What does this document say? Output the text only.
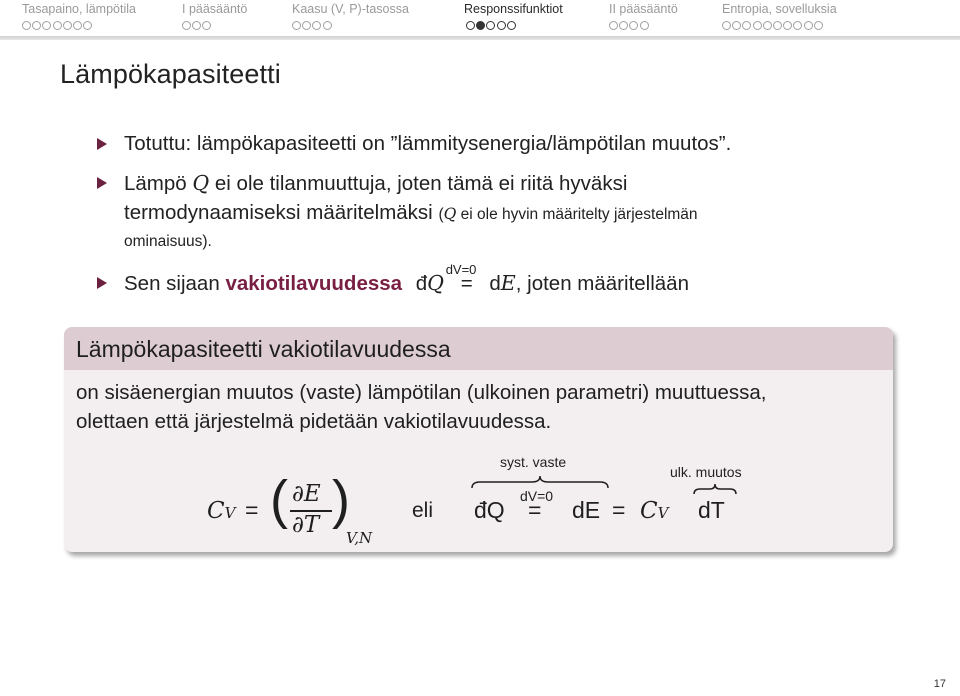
Tasapaino, lämpötila	I pääsääntö	Kaasu (V, P)-tasossa	Responssifunktiot	II pääsääntö	Entropia, sovelluksia
Lämpökapasiteetti
Totuttu: lämpökapasiteetti on ”lämmitysenergia/lämpötilan muutos”.
Lämpö Q ei ole tilanmuuttuja, joten tämä ei riitä hyväksi
termodynaamiseksi määritelmäksi (Q ei ole hyvin määritelty järjestelmän
ominaisuus).
Sen sijaan vakiotilavuudessa đQ
dV=0
= dE, joten määritellään
Lämpökapasiteetti vakiotilavuudessa
on sisäenergian muutos (vaste) lämpötilan (ulkoinen parametri) muuttuessa,
olettaen että järjestelmä pidetään vakiotilavuudessa.
CV = ( ∂E
∂T )
V,N
eli
syst. vaste
đQ
dV=0
= dE = CV
ulk. muutos
dT
17
